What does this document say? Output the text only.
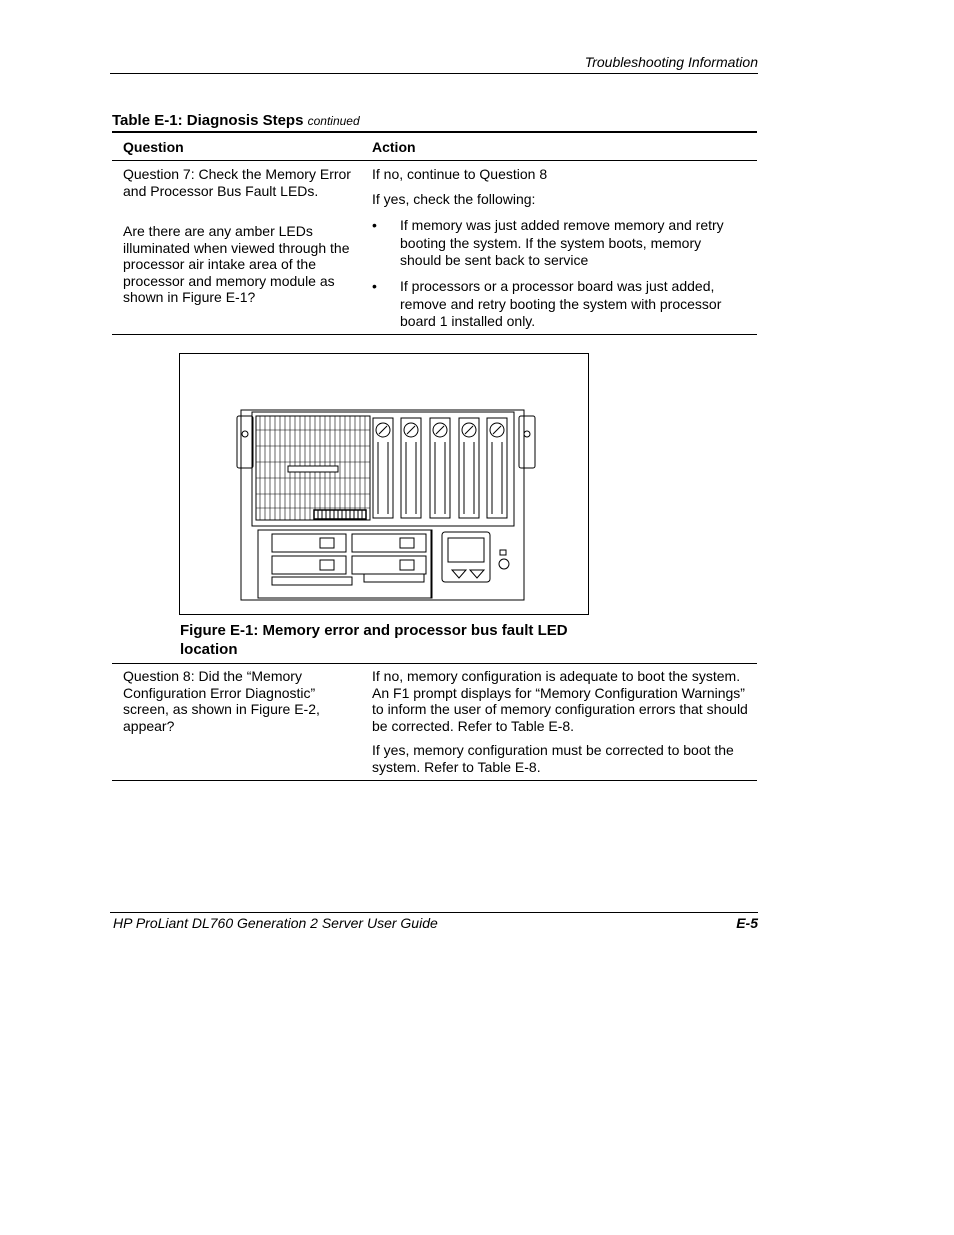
Troubleshooting Information
Table E-1: Diagnosis Steps continued
Question	Action
Question 7: Check the Memory Error and Processor Bus Fault LEDs.
Are there are any amber LEDs illuminated when viewed through the processor air intake area of the processor and memory module as shown in Figure E-1?
If no, continue to Question 8
If yes, check the following:
• If memory was just added remove memory and retry booting the system. If the system boots, memory should be sent back to service
• If processors or a processor board was just added, remove and retry booting the system with processor board 1 installed only.
Figure E-1: Memory error and processor bus fault LED location
Question 8: Did the “Memory Configuration Error Diagnostic” screen, as shown in Figure E-2, appear?
If no, memory configuration is adequate to boot the system. An F1 prompt displays for “Memory Configuration Warnings” to inform the user of memory configuration errors that should be corrected. Refer to Table E-8.
If yes, memory configuration must be corrected to boot the system. Refer to Table E-8.
HP ProLiant DL760 Generation 2 Server User Guide	E-5
